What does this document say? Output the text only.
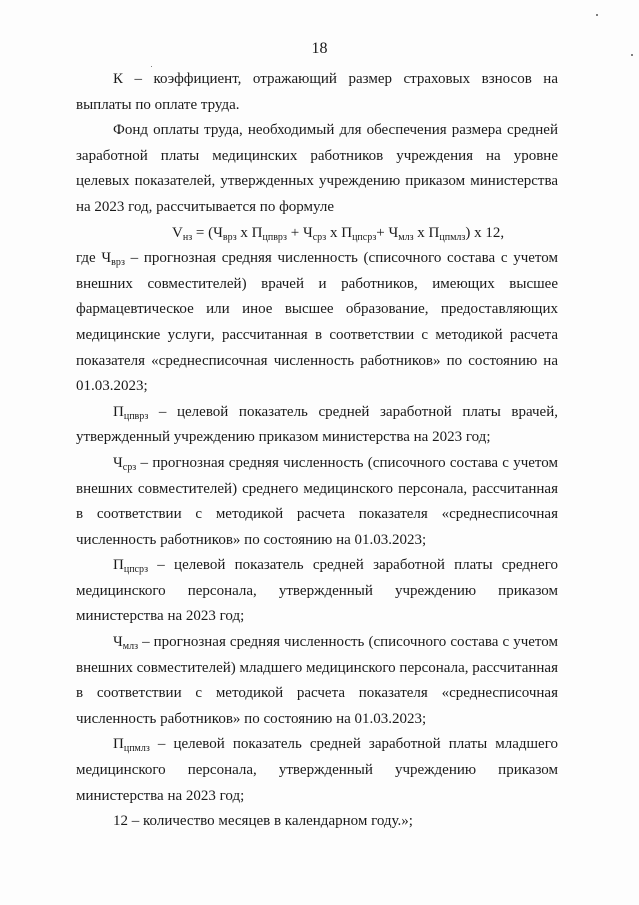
18

К – коэффициент, отражающий размер страховых взносов на выплаты по оплате труда.

Фонд оплаты труда, необходимый для обеспечения размера средней заработной платы медицинских работников учреждения на уровне целевых показателей, утвержденных учреждению приказом министерства на 2023 год, рассчитывается по формуле

$V_{нз} = (Ч_{врз}$ x $П_{цпврз} + Ч_{срз}$ x $П_{цпсрз}+ Ч_{млз}$ x $П_{цпмлз}$) x 12,

где $Ч_{врз}$ – прогнозная средняя численность (списочного состава с учетом внешних совместителей) врачей и работников, имеющих высшее фармацевтическое или иное высшее образование, предоставляющих медицинские услуги, рассчитанная в соответствии с методикой расчета показателя «среднесписочная численность работников» по состоянию на 01.03.2023;

$П_{цпврз}$ – целевой показатель средней заработной платы врачей, утвержденный учреждению приказом министерства на 2023 год;

$Ч_{срз}$ – прогнозная средняя численность (списочного состава с учетом внешних совместителей) среднего медицинского персонала, рассчитанная в соответствии с методикой расчета показателя «среднесписочная численность работников» по состоянию на 01.03.2023;

$П_{цпсрз}$ – целевой показатель средней заработной платы среднего медицинского персонала, утвержденный учреждению приказом министерства на 2023 год;

$Ч_{млз}$ – прогнозная средняя численность (списочного состава с учетом внешних совместителей) младшего медицинского персонала, рассчитанная в соответствии с методикой расчета показателя «среднесписочная численность работников» по состоянию на 01.03.2023;

$П_{цпмлз}$ – целевой показатель средней заработной платы младшего медицинского персонала, утвержденный учреждению приказом министерства на 2023 год;

12 – количество месяцев в календарном году.»;
